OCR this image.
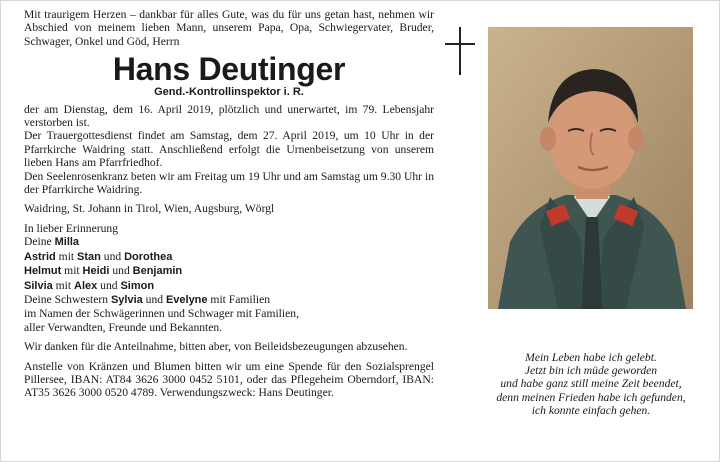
Mit traurigem Herzen – dankbar für alles Gute, was du für uns getan hast, nehmen wir Abschied von meinem lieben Mann, unserem Papa, Opa, Schwiegervater, Bruder, Schwager, Onkel und Göd, Herrn

Hans Deutinger
Gend.-Kontrollinspektor i. R.

der am Dienstag, dem 16. April 2019, plötzlich und unerwartet, im 79. Lebensjahr verstorben ist.

Der Trauergottesdienst findet am Samstag, dem 27. April 2019, um 10 Uhr in der Pfarrkirche Waidring statt. Anschließend erfolgt die Urnenbeisetzung von unserem lieben Hans am Pfarrfriedhof.

Den Seelenrosenkranz beten wir am Freitag um 19 Uhr und am Samstag um 9.30 Uhr in der Pfarrkirche Waidring.

Waidring, St. Johann in Tirol, Wien, Augsburg, Wörgl

In lieber Erinnerung
Deine Milla
Astrid mit Stan und Dorothea
Helmut mit Heidi und Benjamin
Silvia mit Alex und Simon
Deine Schwestern Sylvia und Evelyne mit Familien
im Namen der Schwägerinnen und Schwager mit Familien,
aller Verwandten, Freunde und Bekannten.

Wir danken für die Anteilnahme, bitten aber, von Beileidsbezeugungen abzusehen.

Anstelle von Kränzen und Blumen bitten wir um eine Spende für den Sozialsprengel Pillersee, IBAN: AT84 3626 3000 0452 5101, oder das Pflegeheim Oberndorf, IBAN: AT35 3626 3000 0520 4789. Verwendungszweck: Hans Deutinger.

Mein Leben habe ich gelebt.
Jetzt bin ich müde geworden
und habe ganz still meine Zeit beendet,
denn meinen Frieden habe ich gefunden,
ich konnte einfach gehen.
